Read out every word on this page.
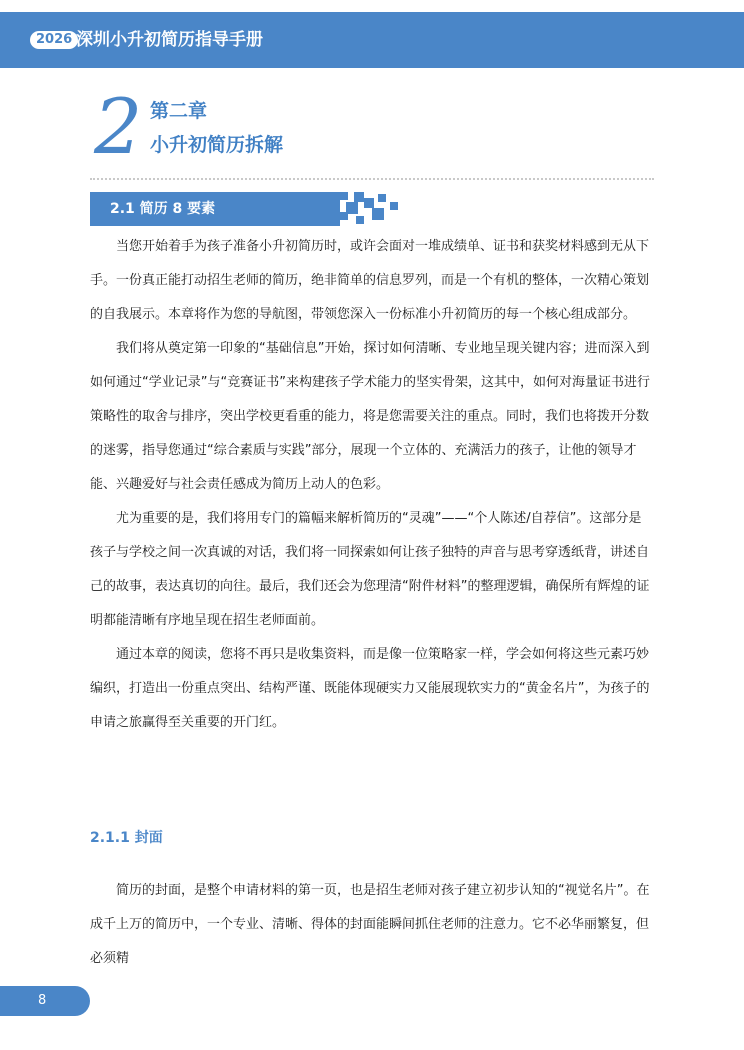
2026 深圳小升初简历指导手册
2 第二章
小升初简历拆解
2.1 简历 8 要素

当您开始着手为孩子准备小升初简历时，或许会面对一堆成绩单、证书和获奖材料感到无从下手。一份真正能打动招生老师的简历，绝非简单的信息罗列，而是一个有机的整体，一次精心策划的自我展示。本章将作为您的导航图，带领您深入一份标准小升初简历的每一个核心组成部分。

我们将从奠定第一印象的“基础信息”开始，探讨如何清晰、专业地呈现关键内容；进而深入到如何通过“学业记录”与“竞赛证书”来构建孩子学术能力的坚实骨架，这其中，如何对海量证书进行策略性的取舍与排序，突出学校更看重的能力，将是您需要关注的重点。同时，我们也将拨开分数的迷雾，指导您通过“综合素质与实践”部分，展现一个立体的、充满活力的孩子，让他的领导才能、兴趣爱好与社会责任感成为简历上动人的色彩。

尤为重要的是，我们将用专门的篇幅来解析简历的“灵魂”——“个人陈述/自荐信”。这部分是孩子与学校之间一次真诚的对话，我们将一同探索如何让孩子独特的声音与思考穿透纸背，讲述自己的故事，表达真切的向往。最后，我们还会为您理清“附件材料”的整理逻辑，确保所有辉煌的证明都能清晰有序地呈现在招生老师面前。

通过本章的阅读，您将不再只是收集资料，而是像一位策略家一样，学会如何将这些元素巧妙编织，打造出一份重点突出、结构严谨、既能体现硬实力又能展现软实力的“黄金名片”，为孩子的申请之旅赢得至关重要的开门红。

2.1.1 封面

简历的封面，是整个申请材料的第一页，也是招生老师对孩子建立初步认知的“视觉名片”。在成千上万的简历中，一个专业、清晰、得体的封面能瞬间抓住老师的注意力。它不必华丽繁复，但必须精

8
